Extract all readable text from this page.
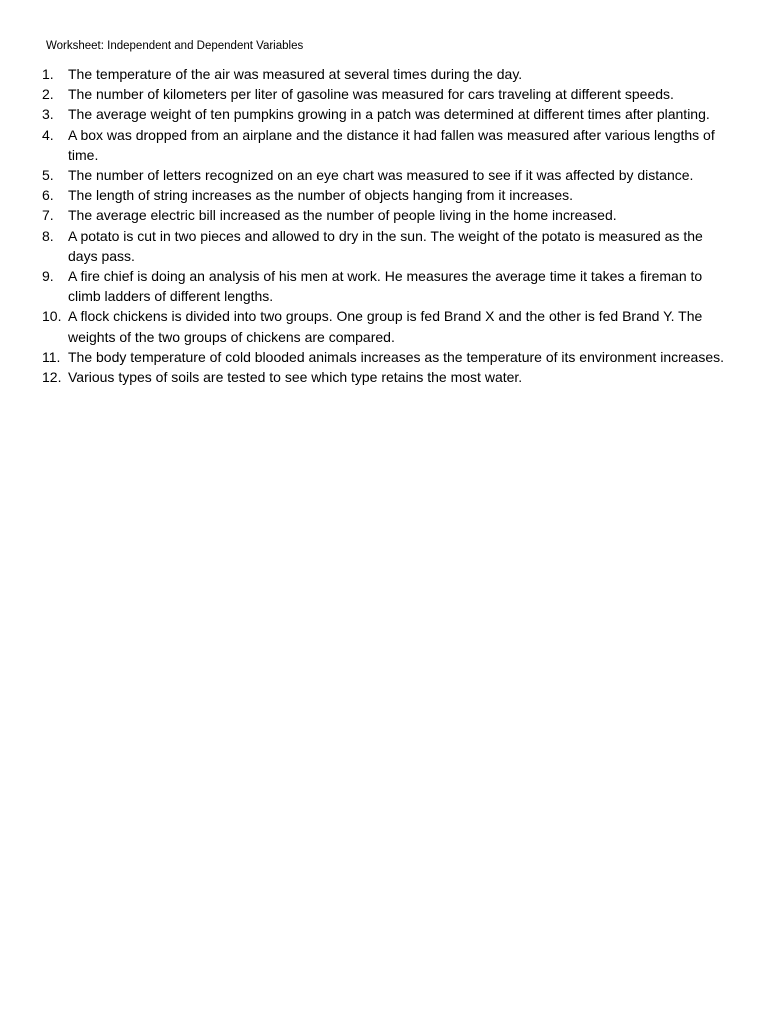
Worksheet: Independent and Dependent Variables
1.	The temperature of the air was measured at several times during the day.
2.	The number of kilometers per liter of gasoline was measured for cars traveling at different speeds.
3.	The average weight of ten pumpkins growing in a patch was determined at different times after planting.
4.	A box was dropped from an airplane and the distance it had fallen was measured after various lengths of time.
5.	The number of letters recognized on an eye chart was measured to see if it was affected by distance.
6.	The length of string increases as the number of objects hanging from it increases.
7.	The average electric bill increased as the number of people living in the home increased.
8.	A potato is cut in two pieces and allowed to dry in the sun. The weight of the potato is measured as the days pass.
9.	A fire chief is doing an analysis of his men at work. He measures the average time it takes a fireman to climb ladders of different lengths.
10. A flock chickens is divided into two groups. One group is fed Brand X and the other is fed Brand Y. The weights of the two groups of chickens are compared.
11. The body temperature of cold blooded animals increases as the temperature of its environment increases.
12. Various types of soils are tested to see which type retains the most water.
